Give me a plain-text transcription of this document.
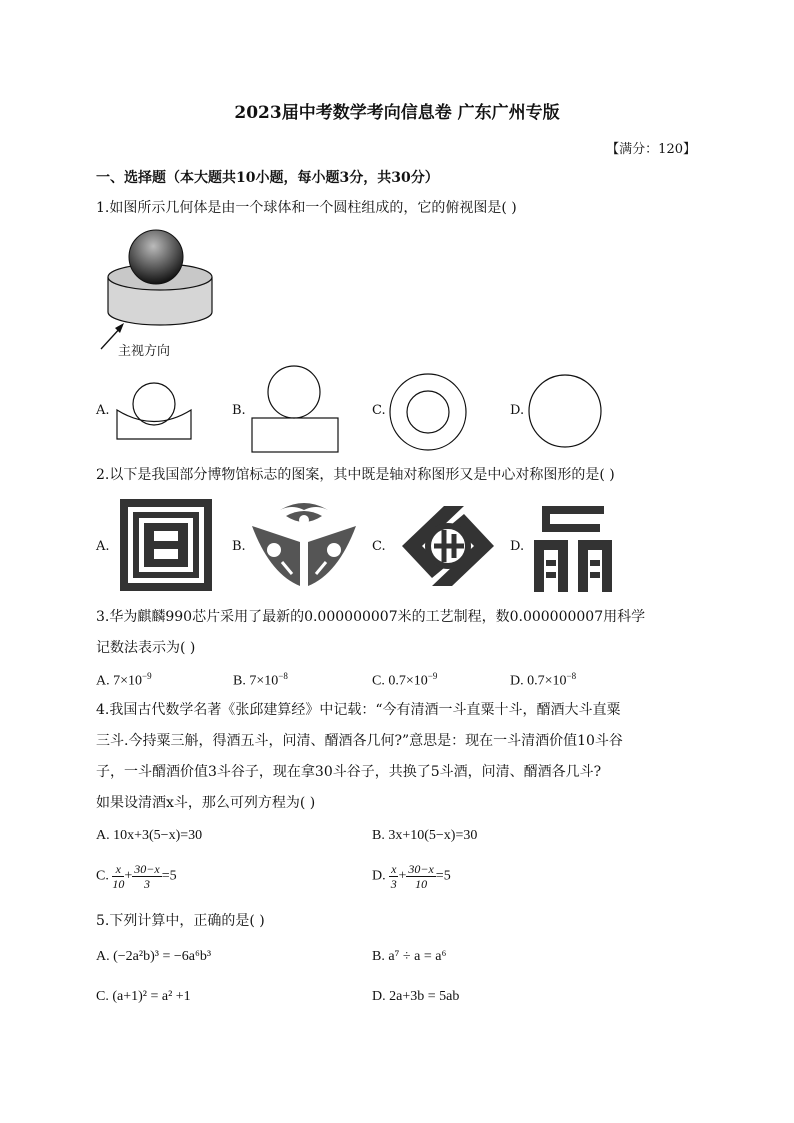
2023届中考数学考向信息卷 广东广州专版
【满分：120】
一、选择题（本大题共10小题，每小题3分，共30分）
1.如图所示几何体是由一个球体和一个圆柱组成的，它的俯视图是( )
主视方向
A.	B.	C.	D.
2.以下是我国部分博物馆标志的图案，其中既是轴对称图形又是中心对称图形的是( )
A.	B.	C.	D.
3.华为麒麟990芯片采用了最新的0.000000007米的工艺制程，数0.000000007用科学
记数法表示为( )
A. $7\times 10^{-9}$	B. $7\times 10^{-8}$	C. $0.7\times 10^{-9}$	D. $0.7\times 10^{-8}$
4.我国古代数学名著《张邱建算经》中记载：“今有清酒一斗直粟十斗，醑酒大斗直粟
三斗.今持粟三斛，得酒五斗，问清、醑酒各几何?”意思是：现在一斗清酒价值10斗谷
子，一斗醑酒价值3斗谷子，现在拿30斗谷子，共换了5斗酒，问清、醑酒各几斗?
如果设清酒x斗，那么可列方程为( )
A. 10x+3(5−x)=30	B. 3x+10(5−x)=30
C. $\frac{x}{10} + \frac{30-x}{3} =5$	D. $\frac{x}{3} + \frac{30-x}{10} =5$
5.下列计算中，正确的是( )
A. (−2a²b)³ = −6a⁶b³	B. a⁷ ÷ a = a⁶
C. (a+1)² = a² +1	D. 2a+3b = 5ab
